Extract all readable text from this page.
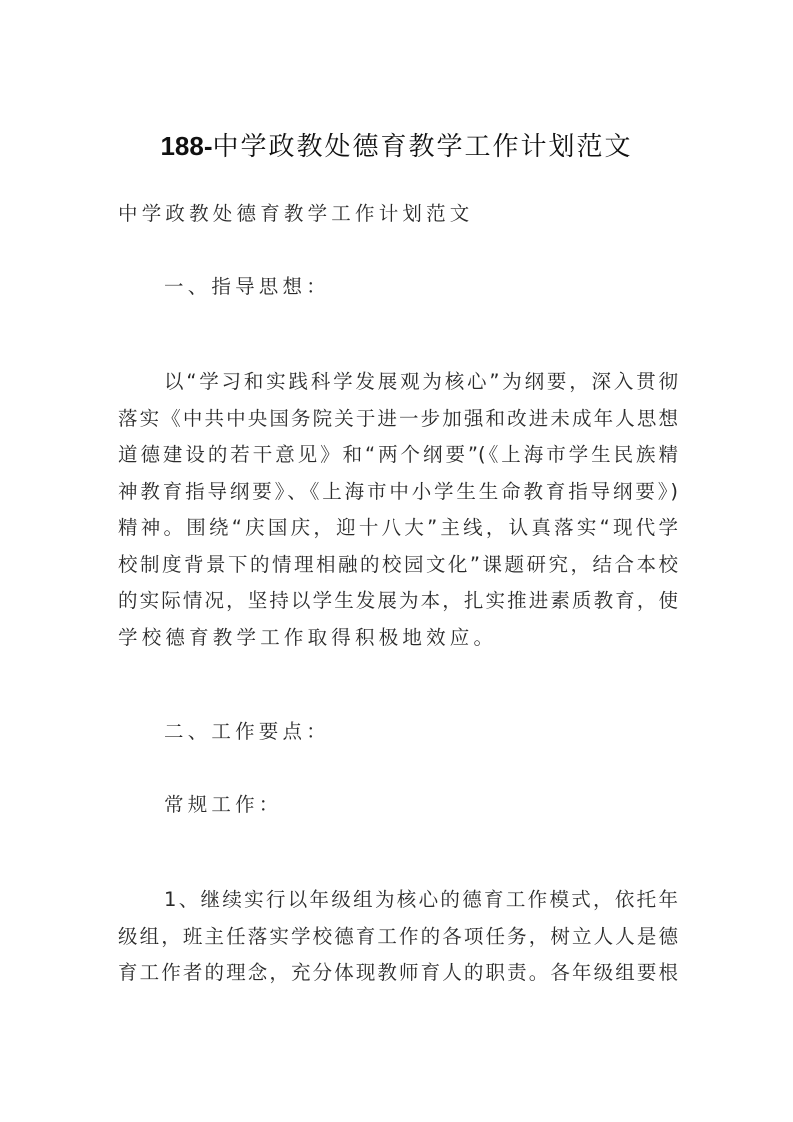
188-中学政教处德育教学工作计划范文
中学政教处德育教学工作计划范文
一、指导思想：
以“学习和实践科学发展观为核心”为纲要，深入贯彻
落实《中共中央国务院关于进一步加强和改进未成年人思想
道德建设的若干意见》和“两个纲要”(《上海市学生民族精
神教育指导纲要》、《上海市中小学生生命教育指导纲要》)
精神。围绕“庆国庆，迎十八大”主线，认真落实“现代学
校制度背景下的情理相融的校园文化”课题研究，结合本校
的实际情况，坚持以学生发展为本，扎实推进素质教育，使
学校德育教学工作取得积极地效应。
二、工作要点：
常规工作：
1、继续实行以年级组为核心的德育工作模式，依托年
级组，班主任落实学校德育工作的各项任务，树立人人是德
育工作者的理念，充分体现教师育人的职责。各年级组要根
